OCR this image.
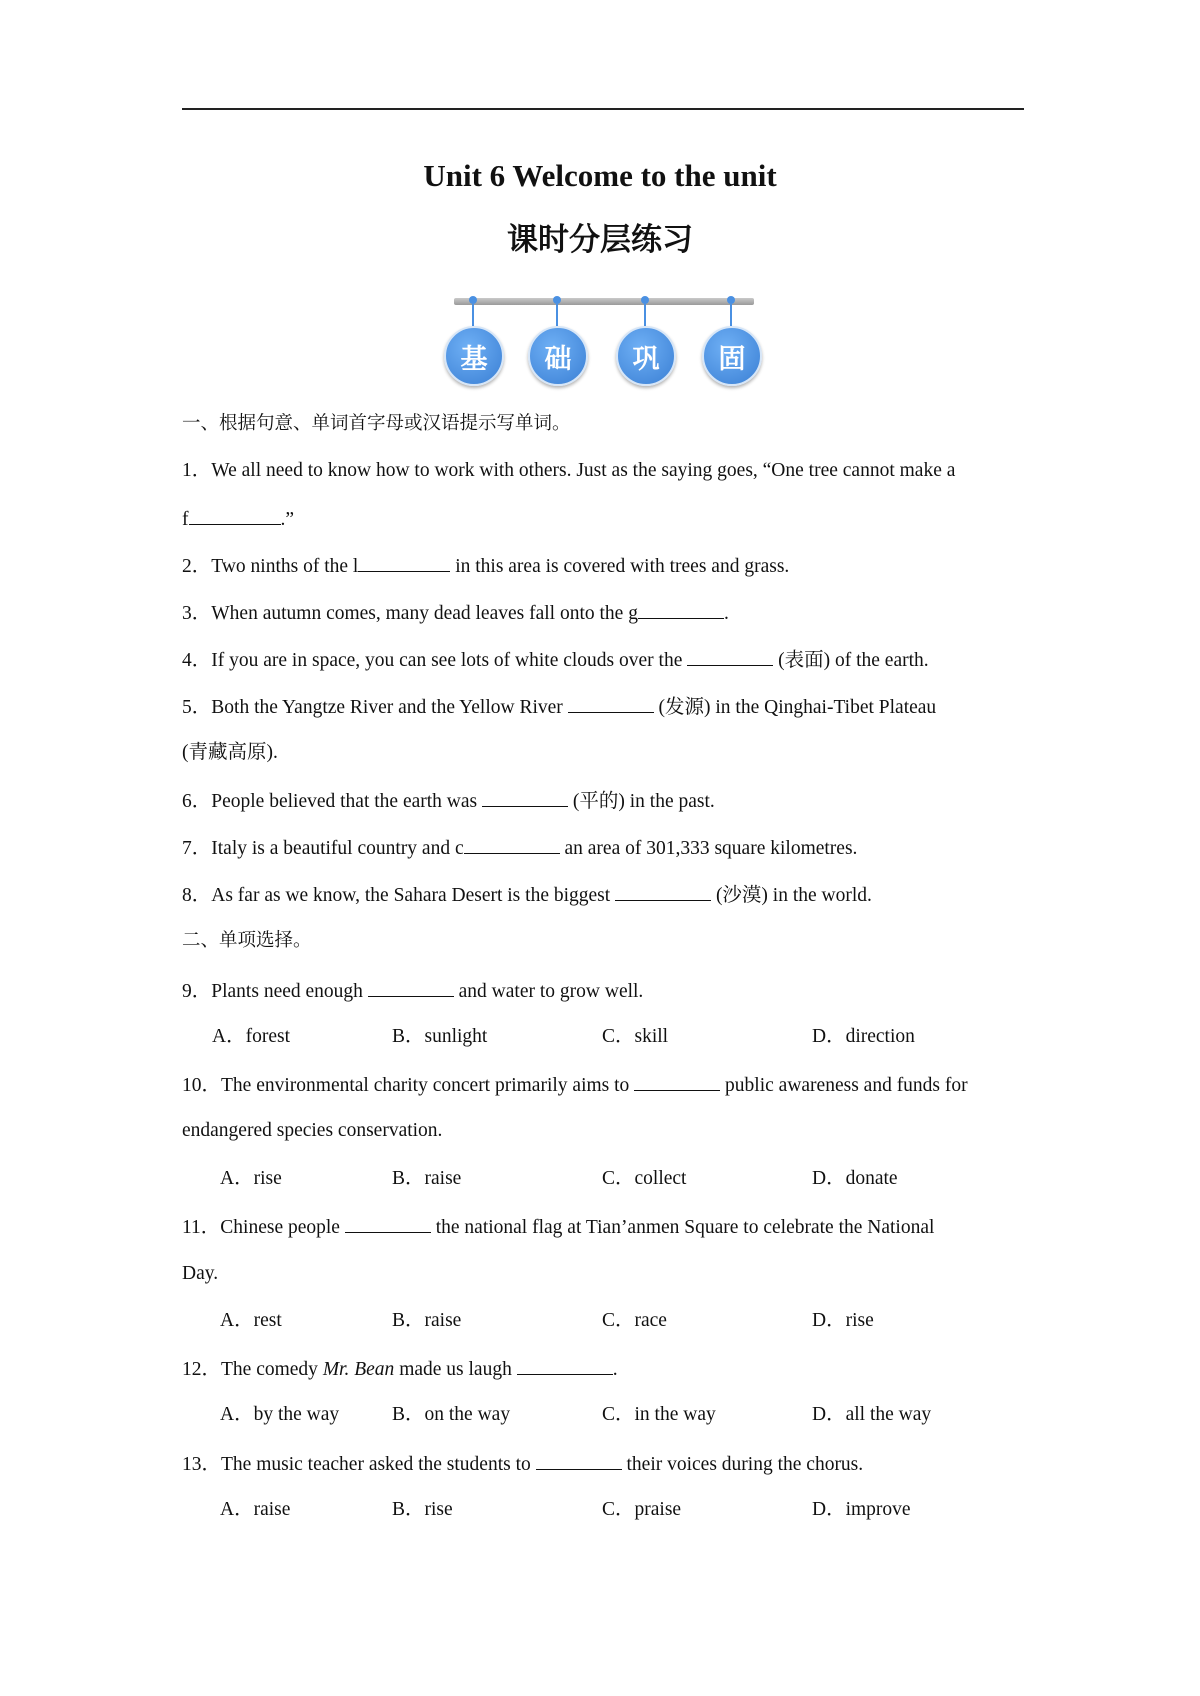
Unit 6 Welcome to the unit
课时分层练习
基	础	巩	固
一、根据句意、单词首字母或汉语提示写单词。
1．We all need to know how to work with others. Just as the saying goes, “One tree cannot make a
f	.”
2．Two ninths of the l	in this area is covered with trees and grass.
3．When autumn comes, many dead leaves fall onto the g	.
4．If you are in space, you can see lots of white clouds over the	(表面) of the earth.
5．Both the Yangtze River and the Yellow River	(发源) in the Qinghai-Tibet Plateau
(青藏高原).
6．People believed that the earth was	(平的) in the past.
7．Italy is a beautiful country and c	an area of 301,333 square kilometres.
8．As far as we know, the Sahara Desert is the biggest	(沙漠) in the world.
二、单项选择。
9．Plants need enough	and water to grow well.
A．forest	B．sunlight	C．skill	D．direction
10．The environmental charity concert primarily aims to	public awareness and funds for
endangered species conservation.
A．rise	B．raise	C．collect	D．donate
11．Chinese people	the national flag at Tian’anmen Square to celebrate the National
Day.
A．rest	B．raise	C．race	D．rise
12．The comedy Mr. Bean made us laugh	.
A．by the way	B．on the way	C．in the way	D．all the way
13．The music teacher asked the students to	their voices during the chorus.
A．raise	B．rise	C．praise	D．improve
